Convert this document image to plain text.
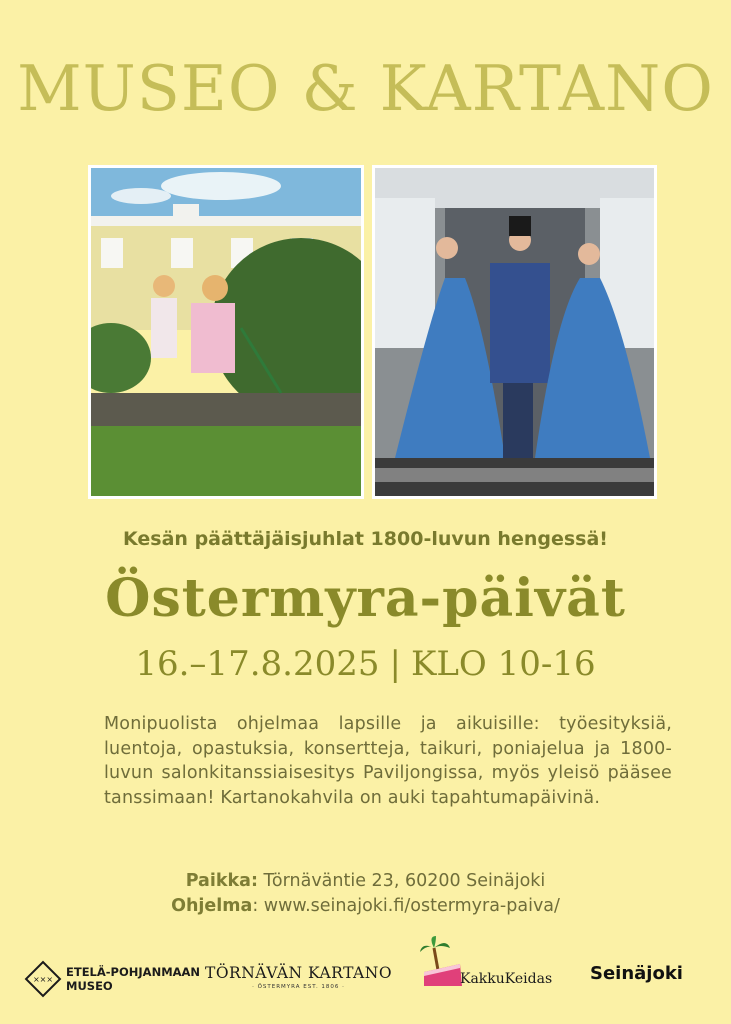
MUSEO & KARTANO

Kesän päättäjäisjuhlat 1800-luvun hengessä!

Östermyra-päivät
16.–17.8.2025 | KLO 10-16

Monipuolista ohjelmaa lapsille ja aikuisille: työesityksiä, luentoja, opastuksia, konsertteja, taikuri, poniajelua ja 1800-luvun salonkitanssiaisesitys Paviljongissa, myös yleisö pääsee tanssimaan! Kartanokahvila on auki tapahtumapäivinä.

Paikka: Törnäväntie 23, 60200 Seinäjoki
Ohjelma: www.seinajoki.fi/ostermyra-paiva/
×××
ETELÄ-POHJANMAAN
MUSEO
TÖRNÄVÄN KARTANO
· ÖSTERMYRA EST. 1806 ·	KakkuKeidas Seinäjoki
